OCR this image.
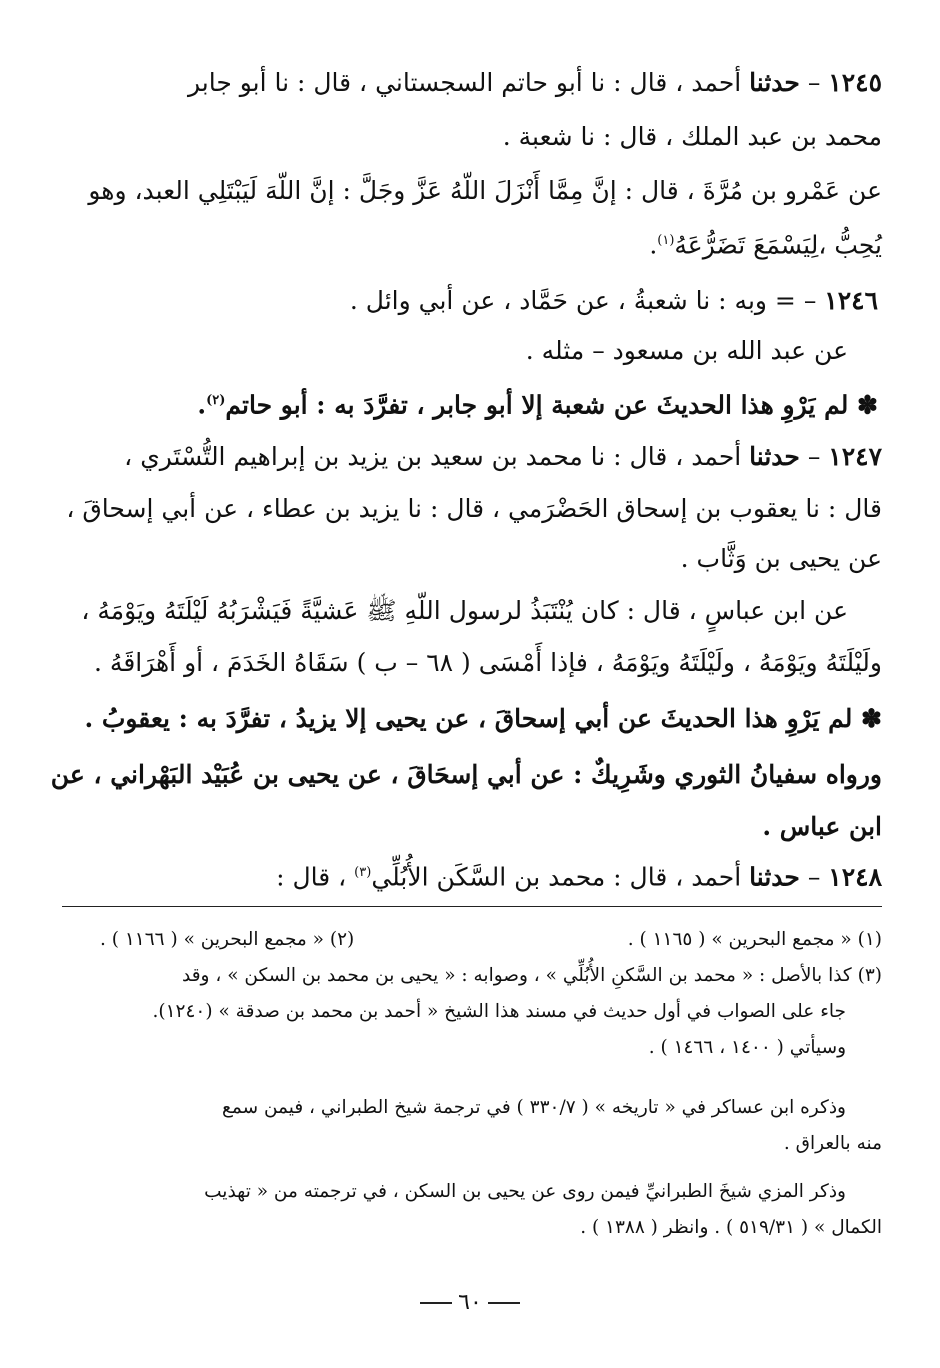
١٢٤٥ – حدثنا أحمد ، قال : نا أبو حاتم السجستاني ، قال : نا أبو جابر
محمد بن عبد الملك ، قال : نا شعبة .
عن عَمْرو بن مُرَّةَ ، قال : إنَّ مِمَّا أَنْزَلَ اللّهُ عَزَّ وجَلَّ : إنَّ اللّهَ لَيَبْتَلِي العبد، وهو
يُحِبُّ ،لِيَسْمَعَ تَضَرُّعَهُ$^{(١)}$.
١٢٤٦ – = وبه : نا شعبةُ ، عن حَمَّاد ، عن أبي وائل .
عن عبد الله بن مسعود – مثله .
✽ لم يَرْوِ هذا الحديثَ عن شعبة إلا أبو جابر ، تفرَّدَ به : أبو حاتم$^{(٢)}$.
١٢٤٧ – حدثنا أحمد ، قال : نا محمد بن سعيد بن يزيد بن إبراهيم التُّسْتَري ،
قال : نا يعقوب بن إسحاق الحَضْرَمي ، قال : نا يزيد بن عطاء ، عن أبي إسحاقَ ،
عن يحيى بن وَثَّاب .
عن ابن عباسٍ ، قال : كان يُنْتَبَذُ لرسول اللّهِ ﷺ عَشيَّةً فَيَشْرَبُهُ لَيْلَتَهُ ويَوْمَهُ ،
ولَيْلَتَهُ ويَوْمَهُ ، ولَيْلَتَهُ ويَوْمَهُ ، فإذا أَمْسَى ( ٦٨ – ب ) سَقَاهُ الخَدَمَ ، أو أَهْرَاقَهُ .
✽ لم يَرْوِ هذا الحديثَ عن أبي إسحاقَ ، عن يحيى إلا يزيدُ ، تفرَّدَ به : يعقوبُ .
ورواه سفيانُ الثوري وشَرِيكٌ : عن أبي إسحَاقَ ، عن يحيى بن عُبَيْد البَهْراني ، عن
ابن عباس .
١٢٤٨ – حدثنا أحمد ، قال : محمد بن السَّكَن الأُبُلِّي$^{(٣)}$ ، قال :
(١) « مجمع البحرين » ( ١١٦٥ ) .
(٢) « مجمع البحرين » ( ١١٦٦ ) .
(٣) كذا بالأصل : « محمد بن السَّكنِ الأُبُلِّي » ، وصوابه : « يحيى بن محمد بن السكن » ، وقد
جاء على الصواب في أول حديث في مسند هذا الشيخ « أحمد بن محمد بن صدقة » (١٢٤٠).
وسيأتي ( ١٤٠٠ ، ١٤٦٦ ) .
وذكره ابن عساكر في « تاريخه » ( ٣٣٠/٧ ) في ترجمة شيخ الطبراني ، فيمن سمع
منه بالعراق .
وذكر المزي شيخَ الطبرانيِّ فيمن روى عن يحيى بن السكن ، في ترجمته من « تهذيب
الكمال » ( ٥١٩/٣١ ) . وانظر ( ١٣٨٨ ) .
٦٠
